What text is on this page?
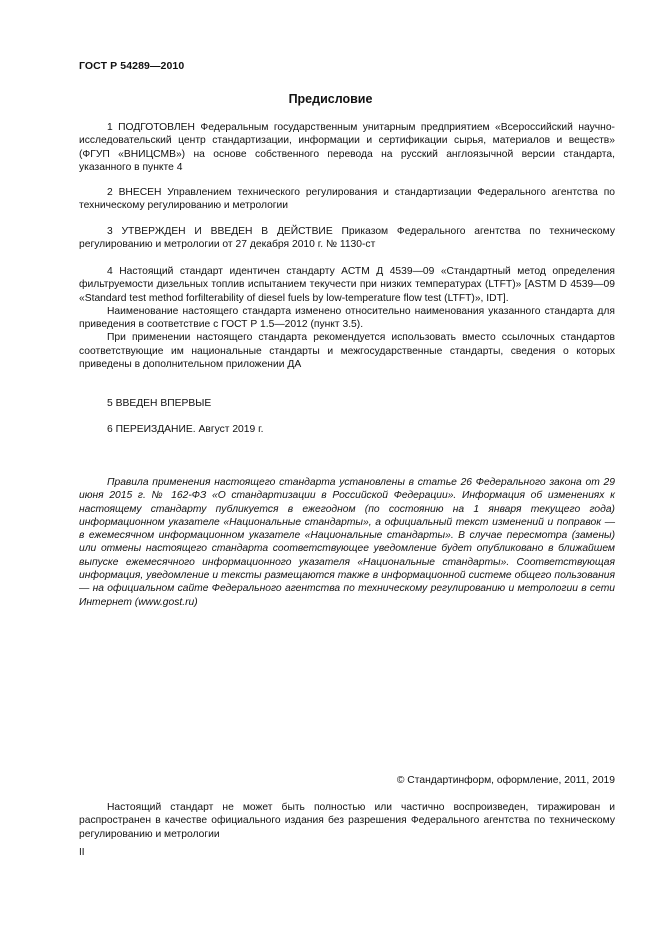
ГОСТ Р 54289—2010
Предисловие

1 ПОДГОТОВЛЕН Федеральным государственным унитарным предприятием «Всероссийский научно-исследовательский центр стандартизации, информации и сертификации сырья, материалов и веществ» (ФГУП «ВНИЦСМВ») на основе собственного перевода на русский англоязычной версии стандарта, указанного в пункте 4

2 ВНЕСЕН Управлением технического регулирования и стандартизации Федерального агентства по техническому регулированию и метрологии

3 УТВЕРЖДЕН И ВВЕДЕН В ДЕЙСТВИЕ Приказом Федерального агентства по техническому регулированию и метрологии от 27 декабря 2010 г. № 1130-ст

4 Настоящий стандарт идентичен стандарту АСТМ Д 4539—09 «Стандартный метод определения фильтруемости дизельных топлив испытанием текучести при низких температурах (LTFT)» [ASTM D 4539—09 «Standard test method forfilterability of diesel fuels by low-temperature flow test (LTFT)», IDT].

Наименование настоящего стандарта изменено относительно наименования указанного стандарта для приведения в соответствие с ГОСТ Р 1.5—2012 (пункт 3.5).

При применении настоящего стандарта рекомендуется использовать вместо ссылочных стандартов соответствующие им национальные стандарты и межгосударственные стандарты, сведения о которых приведены в дополнительном приложении ДА

5 ВВЕДЕН ВПЕРВЫЕ

6 ПЕРЕИЗДАНИЕ. Август 2019 г.

Правила применения настоящего стандарта установлены в статье 26 Федерального закона от 29 июня 2015 г. № 162-ФЗ «О стандартизации в Российской Федерации». Информация об изменениях к настоящему стандарту публикуется в ежегодном (по состоянию на 1 января текущего года) информационном указателе «Национальные стандарты», а официальный текст изменений и поправок — в ежемесячном информационном указателе «Национальные стандарты». В случае пересмотра (замены) или отмены настоящего стандарта соответствующее уведомление будет опубликовано в ближайшем выпуске ежемесячного информационного указателя «Национальные стандарты». Соответствующая информация, уведомление и тексты размещаются также в информационной системе общего пользования — на официальном сайте Федерального агентства по техническому регулированию и метрологии в сети Интернет (www.gost.ru)

© Стандартинформ, оформление, 2011, 2019

Настоящий стандарт не может быть полностью или частично воспроизведен, тиражирован и распространен в качестве официального издания без разрешения Федерального агентства по техническому регулированию и метрологии

II
